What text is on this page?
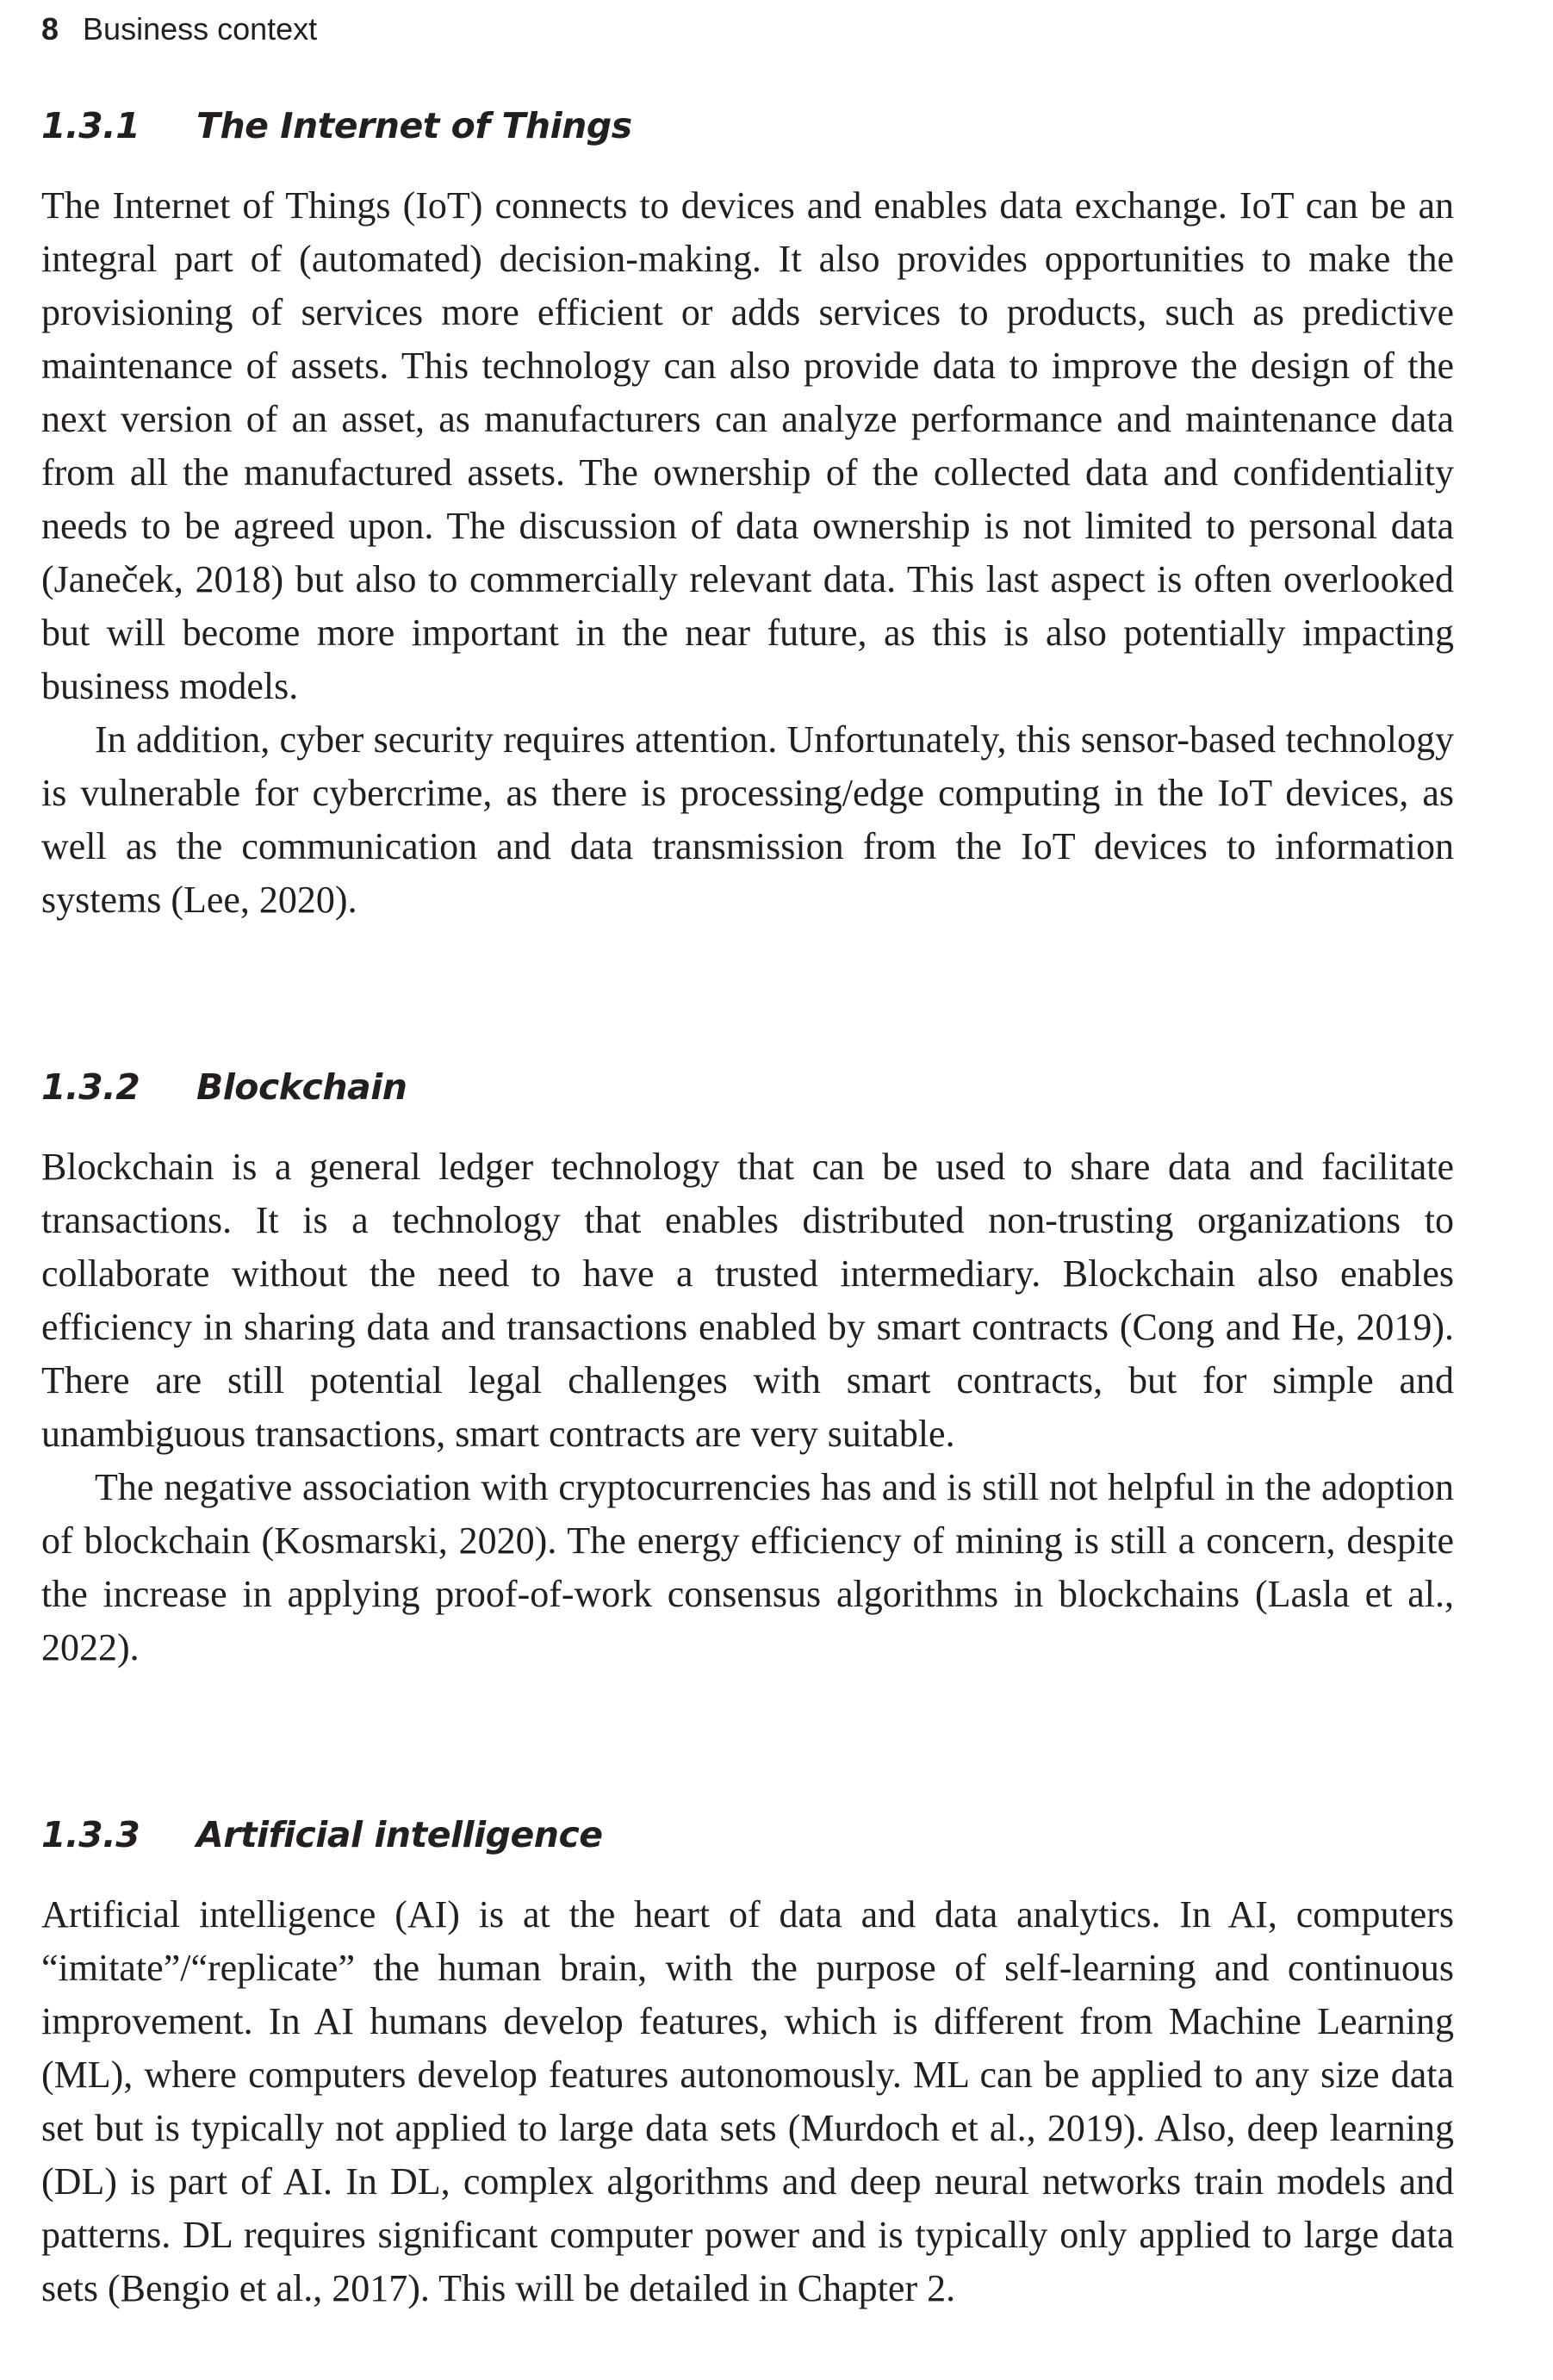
8 Business context
1.3.1 The Internet of Things

The Internet of Things (IoT) connects to devices and enables data exchange. IoT can be an integral part of (automated) decision-making. It also provides opportunities to make the provisioning of services more efficient or adds services to products, such as predictive maintenance of assets. This technology can also provide data to improve the design of the next version of an asset, as manufacturers can analyze performance and maintenance data from all the manufactured assets. The ownership of the collected data and confidentiality needs to be agreed upon. The discussion of data ownership is not limited to personal data (Janeček, 2018) but also to commercially relevant data. This last aspect is often overlooked but will become more important in the near future, as this is also potentially impacting business models.

In addition, cyber security requires attention. Unfortunately, this sensor-based technology is vulnerable for cybercrime, as there is processing/edge computing in the IoT devices, as well as the communication and data transmission from the IoT devices to information systems (Lee, 2020).

1.3.2 Blockchain

Blockchain is a general ledger technology that can be used to share data and facilitate transactions. It is a technology that enables distributed non-trusting organizations to collaborate without the need to have a trusted intermediary. Blockchain also enables efficiency in sharing data and transactions enabled by smart contracts (Cong and He, 2019). There are still potential legal challenges with smart contracts, but for simple and unambiguous transactions, smart contracts are very suitable.

The negative association with cryptocurrencies has and is still not helpful in the adoption of blockchain (Kosmarski, 2020). The energy efficiency of mining is still a concern, despite the increase in applying proof-of-work consensus algorithms in blockchains (Lasla et al., 2022).

1.3.3 Artificial intelligence

Artificial intelligence (AI) is at the heart of data and data analytics. In AI, computers “imitate”/“replicate” the human brain, with the purpose of self-learning and continuous improvement. In AI humans develop features, which is different from Machine Learning (ML), where computers develop features autonomously. ML can be applied to any size data set but is typically not applied to large data sets (Murdoch et al., 2019). Also, deep learning (DL) is part of AI. In DL, complex algorithms and deep neural networks train models and patterns. DL requires significant computer power and is typically only applied to large data sets (Bengio et al., 2017). This will be detailed in Chapter 2.
